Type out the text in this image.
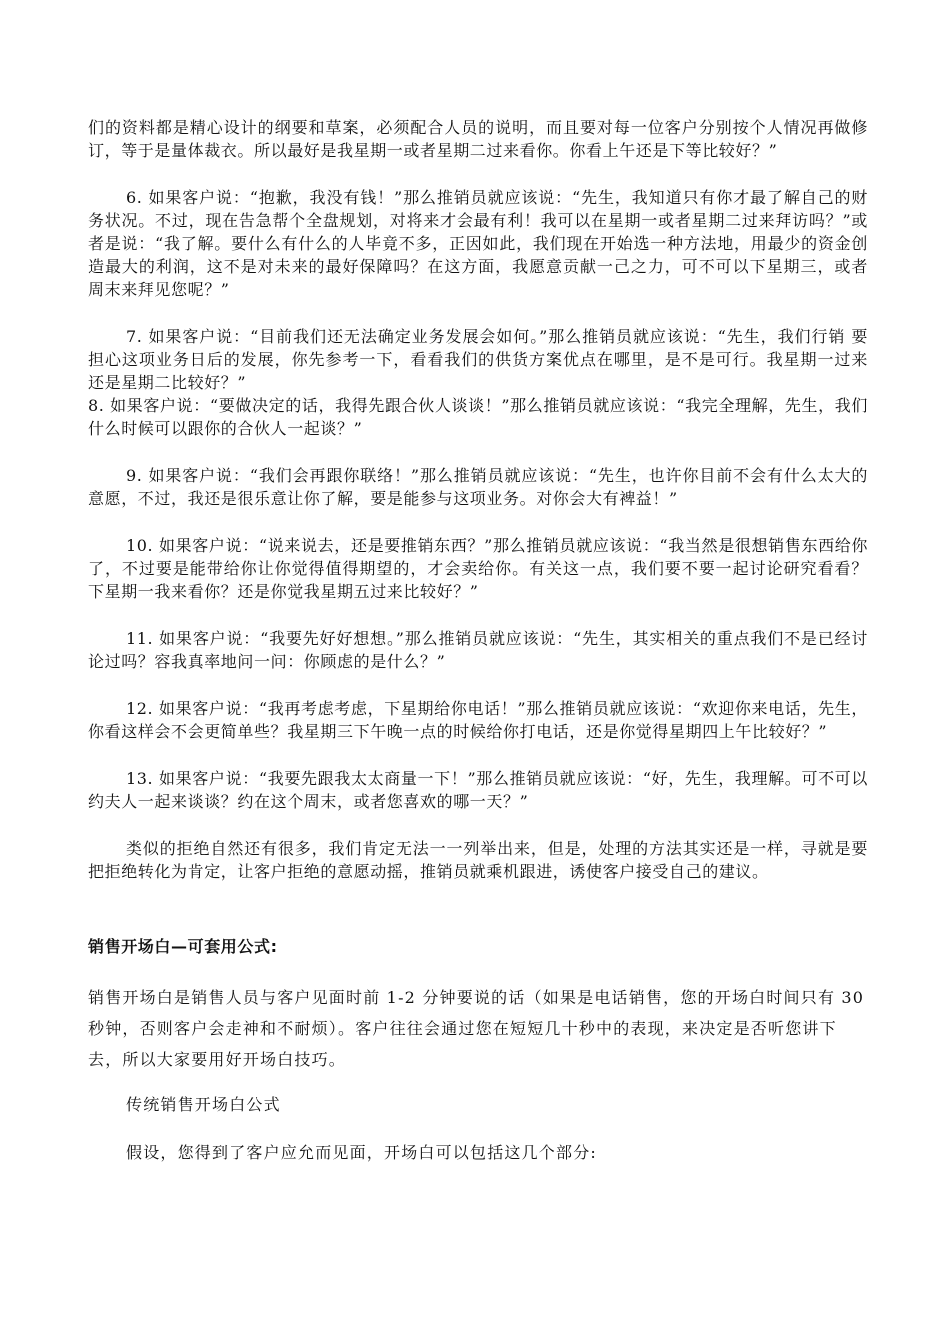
们的资料都是精心设计的纲要和草案，必须配合人员的说明，而且要对每一位客户分别按个人情况再做修订，等于是量体裁衣。所以最好是我星期一或者星期二过来看你。你看上午还是下等比较好？”

6. 如果客户说：“抱歉，我没有钱！”那么推销员就应该说：“先生，我知道只有你才最了解自己的财务状况。不过，现在告急帮个全盘规划，对将来才会最有利！我可以在星期一或者星期二过来拜访吗？”或者是说：“我了解。要什么有什么的人毕竟不多，正因如此，我们现在开始选一种方法地，用最少的资金创造最大的利润，这不是对未来的最好保障吗？在这方面，我愿意贡献一己之力，可不可以下星期三，或者周末来拜见您呢？”

7. 如果客户说：“目前我们还无法确定业务发展会如何。”那么推销员就应该说：“先生，我们行销 要担心这项业务日后的发展，你先参考一下，看看我们的供货方案优点在哪里，是不是可行。我星期一过来还是星期二比较好？”

8. 如果客户说：“要做决定的话，我得先跟合伙人谈谈！”那么推销员就应该说：“我完全理解，先生，我们什么时候可以跟你的合伙人一起谈？”

9. 如果客户说：“我们会再跟你联络！”那么推销员就应该说：“先生，也许你目前不会有什么太大的意愿，不过，我还是很乐意让你了解，要是能参与这项业务。对你会大有裨益！”

10. 如果客户说：“说来说去，还是要推销东西？”那么推销员就应该说：“我当然是很想销售东西给你了，不过要是能带给你让你觉得值得期望的，才会卖给你。有关这一点，我们要不要一起讨论研究看看？下星期一我来看你？还是你觉我星期五过来比较好？”

11. 如果客户说：“我要先好好想想。”那么推销员就应该说：“先生，其实相关的重点我们不是已经讨论过吗？容我真率地问一问：你顾虑的是什么？”

12. 如果客户说：“我再考虑考虑，下星期给你电话！”那么推销员就应该说：“欢迎你来电话，先生，你看这样会不会更简单些？我星期三下午晚一点的时候给你打电话，还是你觉得星期四上午比较好？”

13. 如果客户说：“我要先跟我太太商量一下！”那么推销员就应该说：“好，先生，我理解。可不可以约夫人一起来谈谈？约在这个周末，或者您喜欢的哪一天？”

类似的拒绝自然还有很多，我们肯定无法一一列举出来，但是，处理的方法其实还是一样，寻就是要把拒绝转化为肯定，让客户拒绝的意愿动摇，推销员就乘机跟进，诱使客户接受自己的建议。

销售开场白—可套用公式:

销售开场白是销售人员与客户见面时前 1-2 分钟要说的话（如果是电话销售，您的开场白时间只有 30 秒钟，否则客户会走神和不耐烦）。客户往往会通过您在短短几十秒中的表现，来决定是否听您讲下去，所以大家要用好开场白技巧。

传统销售开场白公式

假设，您得到了客户应允而见面，开场白可以包括这几个部分:
